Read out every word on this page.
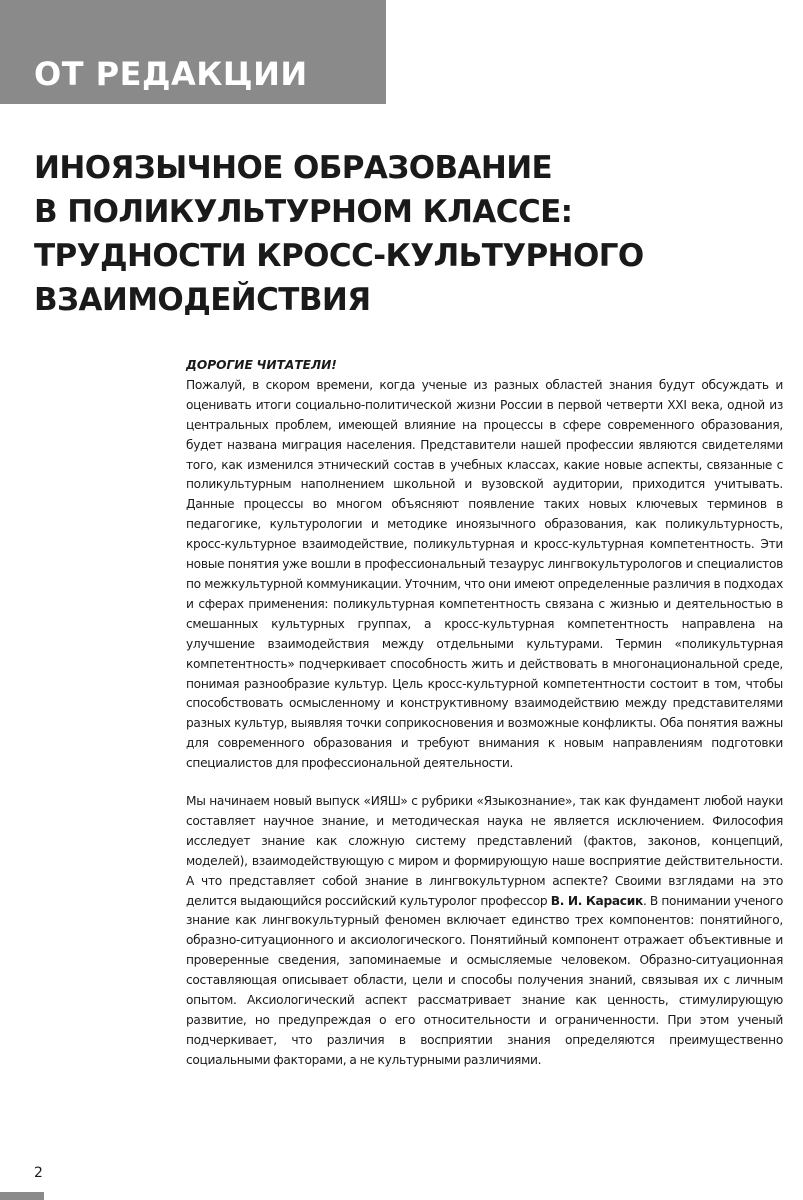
ОТ РЕДАКЦИИ
ИНОЯЗЫЧНОЕ ОБРАЗОВАНИЕ
В ПОЛИКУЛЬТУРНОМ КЛАССЕ:
ТРУДНОСТИ КРОСС-КУЛЬТУРНОГО
ВЗАИМОДЕЙСТВИЯ
ДОРОГИЕ ЧИТАТЕЛИ!

Пожалуй, в скором времени, когда ученые из разных областей знания будут обсуждать и оценивать итоги социально-политической жизни России в первой четверти XXI века, одной из центральных проблем, имеющей влияние на процессы в сфере современного образования, будет названа миграция населения. Представители нашей профессии являются свидетелями того, как изменился этнический состав в учебных классах, какие новые аспекты, связанные с поликультурным наполнением школьной и вузовской аудитории, приходится учитывать. Данные процессы во многом объясняют появление таких новых ключевых терминов в педагогике, культурологии и методике иноязычного образования, как поликультурность, кросс-культурное взаимодействие, поликультурная и кросс-культурная компетентность. Эти новые понятия уже вошли в профессиональный тезаурус лингвокультурологов и специалистов по межкультурной коммуникации. Уточним, что они имеют определенные различия в подходах и сферах применения: поликультурная компетентность связана с жизнью и деятельностью в смешанных культурных группах, а кросс-культурная компетентность направлена на улучшение взаимодействия между отдельными культурами. Термин «поликультурная компетентность» подчеркивает способность жить и действовать в многонациональной среде, понимая разнообразие культур. Цель кросс-культурной компетентности состоит в том, чтобы способствовать осмысленному и конструктивному взаимодействию между представителями разных культур, выявляя точки соприкосновения и возможные конфликты. Оба понятия важны для современного образования и требуют внимания к новым направлениям подготовки специалистов для профессиональной деятельности.

Мы начинаем новый выпуск «ИЯШ» с рубрики «Языкознание», так как фундамент любой науки составляет научное знание, и методическая наука не является исключением. Философия исследует знание как сложную систему представлений (фактов, законов, концепций, моделей), взаимодействующую с миром и формирующую наше восприятие действительности. А что представляет собой знание в лингвокультурном аспекте? Своими взглядами на это делится выдающийся российский культуролог профессор В. И. Карасик. В понимании ученого знание как лингвокультурный феномен включает единство трех компонентов: понятийного, образно-ситуационного и аксиологического. Понятийный компонент отражает объективные и проверенные сведения, запоминаемые и осмысляемые человеком. Образно-ситуационная составляющая описывает области, цели и способы получения знаний, связывая их с личным опытом. Аксиологический аспект рассматривает знание как ценность, стимулирующую развитие, но предупреждая о его относительности и ограниченности. При этом ученый подчеркивает, что различия в восприятии знания определяются преимущественно социальными факторами, а не культурными различиями.

2
